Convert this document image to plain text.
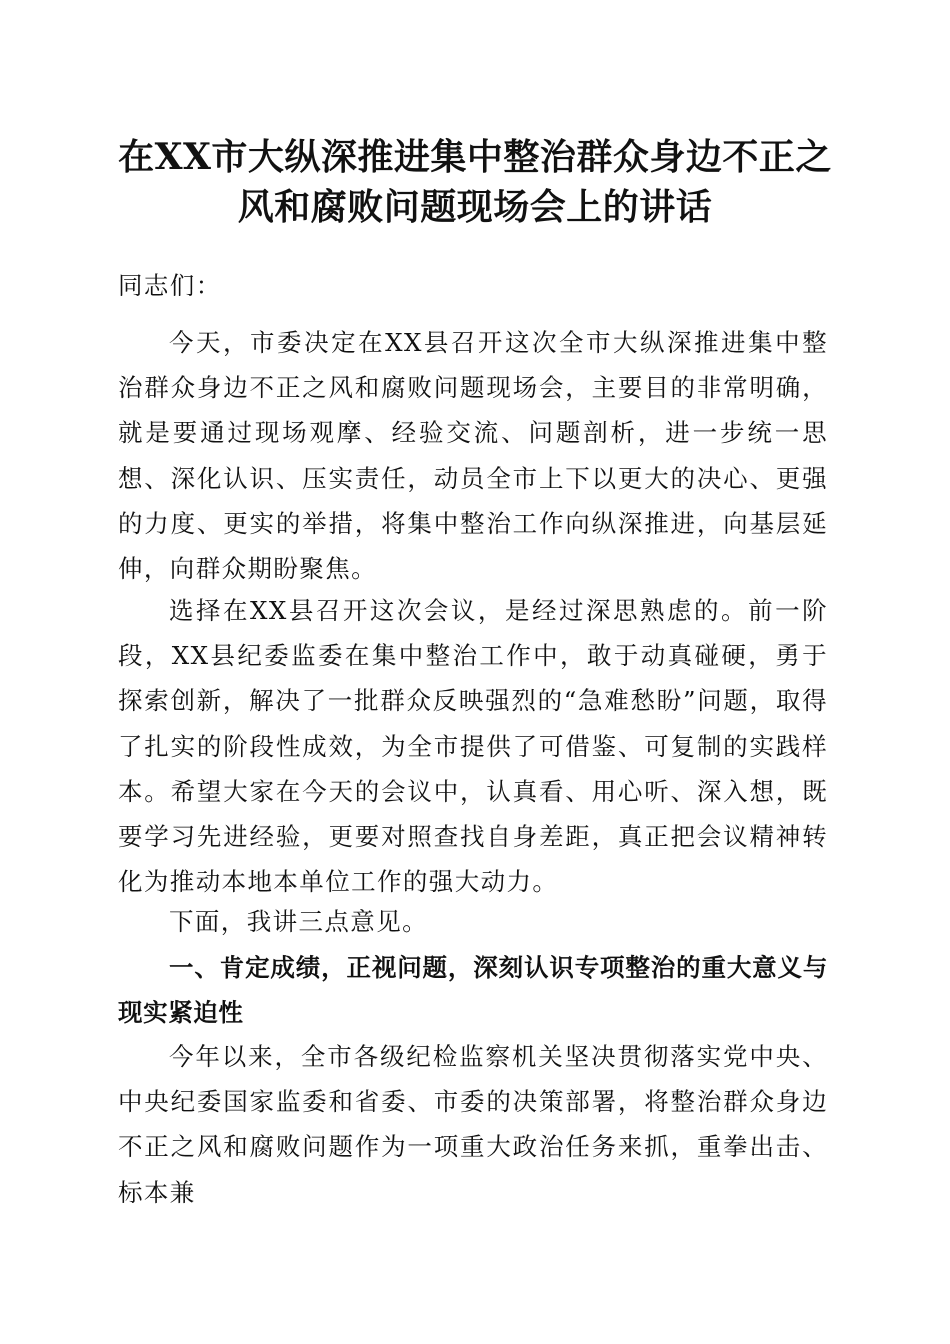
在XX市大纵深推进集中整治群众身边不正之风和腐败问题现场会上的讲话

同志们：

今天，市委决定在XX县召开这次全市大纵深推进集中整治群众身边不正之风和腐败问题现场会，主要目的非常明确，就是要通过现场观摩、经验交流、问题剖析，进一步统一思想、深化认识、压实责任，动员全市上下以更大的决心、更强的力度、更实的举措，将集中整治工作向纵深推进，向基层延伸，向群众期盼聚焦。

选择在XX县召开这次会议，是经过深思熟虑的。前一阶段，XX县纪委监委在集中整治工作中，敢于动真碰硬，勇于探索创新，解决了一批群众反映强烈的“急难愁盼”问题，取得了扎实的阶段性成效，为全市提供了可借鉴、可复制的实践样本。希望大家在今天的会议中，认真看、用心听、深入想，既要学习先进经验，更要对照查找自身差距，真正把会议精神转化为推动本地本单位工作的强大动力。

下面，我讲三点意见。

一、肯定成绩，正视问题，深刻认识专项整治的重大意义与现实紧迫性

今年以来，全市各级纪检监察机关坚决贯彻落实党中央、中央纪委国家监委和省委、市委的决策部署，将整治群众身边不正之风和腐败问题作为一项重大政治任务来抓，重拳出击、标本兼
